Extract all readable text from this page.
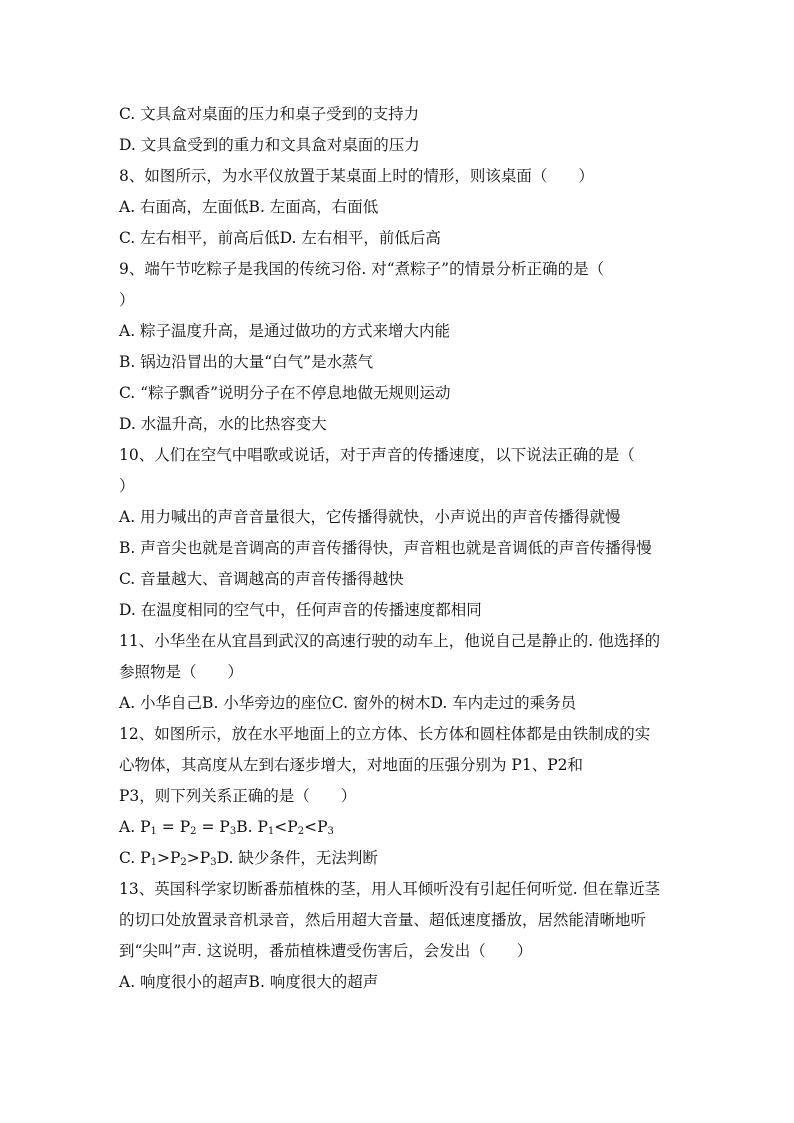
C. 文具盒对桌面的压力和桌子受到的支持力
D. 文具盒受到的重力和文具盒对桌面的压力
8、如图所示，为水平仪放置于某桌面上时的情形，则该桌面（　　）
A. 右面高，左面低B. 左面高，右面低
C. 左右相平，前高后低D. 左右相平，前低后高
9、端午节吃粽子是我国的传统习俗. 对“煮粽子”的情景分析正确的是（
）
A. 粽子温度升高，是通过做功的方式来增大内能
B. 锅边沿冒出的大量“白气”是水蒸气
C. “粽子飘香”说明分子在不停息地做无规则运动
D. 水温升高，水的比热容变大
10、人们在空气中唱歌或说话，对于声音的传播速度，以下说法正确的是（
）
A. 用力喊出的声音音量很大，它传播得就快，小声说出的声音传播得就慢
B. 声音尖也就是音调高的声音传播得快，声音粗也就是音调低的声音传播得慢
C. 音量越大、音调越高的声音传播得越快
D. 在温度相同的空气中，任何声音的传播速度都相同
11、小华坐在从宜昌到武汉的高速行驶的动车上，他说自己是静止的. 他选择的
参照物是（　　）
A. 小华自己B. 小华旁边的座位C. 窗外的树木D. 车内走过的乘务员
12、如图所示，放在水平地面上的立方体、长方体和圆柱体都是由铁制成的实
心物体，其高度从左到右逐步增大，对地面的压强分别为 P1、P2和
P3，则下列关系正确的是（　　）
A. $P_1 = P_2 = P_3B$. $P_1<P_2<P_3$
C. $P_1>P_2>P_3D$. 缺少条件，无法判断
13、英国科学家切断番茄植株的茎，用人耳倾听没有引起任何听觉. 但在靠近茎
的切口处放置录音机录音，然后用超大音量、超低速度播放，居然能清晰地听
到“尖叫”声. 这说明，番茄植株遭受伤害后，会发出（　　）
A. 响度很小的超声B. 响度很大的超声
